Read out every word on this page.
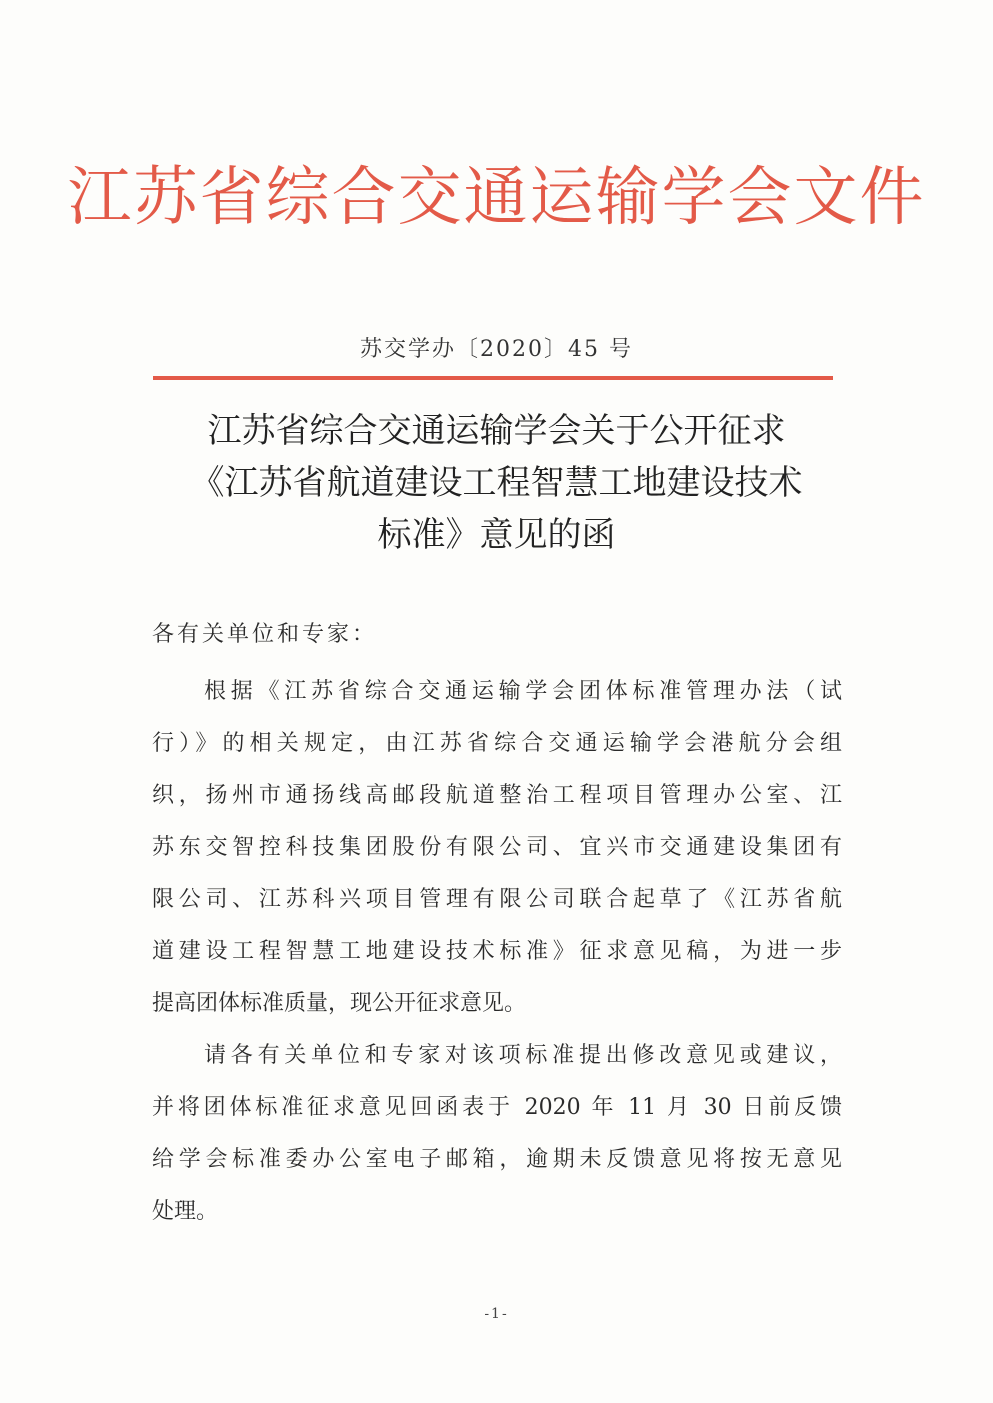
江苏省综合交通运输学会文件
苏交学办〔2020〕45 号
江苏省综合交通运输学会关于公开征求
《江苏省航道建设工程智慧工地建设技术
标准》意见的函
各有关单位和专家：
根据《江苏省综合交通运输学会团体标准管理办法（试
行）》的相关规定，由江苏省综合交通运输学会港航分会组
织，扬州市通扬线高邮段航道整治工程项目管理办公室、江
苏东交智控科技集团股份有限公司、宜兴市交通建设集团有
限公司、江苏科兴项目管理有限公司联合起草了《江苏省航
道建设工程智慧工地建设技术标准》征求意见稿，为进一步
提高团体标准质量，现公开征求意见。
请各有关单位和专家对该项标准提出修改意见或建议，
并将团体标准征求意见回函表于 2020 年 11 月 30 日前反馈
给学会标准委办公室电子邮箱，逾期未反馈意见将按无意见
处理。
-1-
